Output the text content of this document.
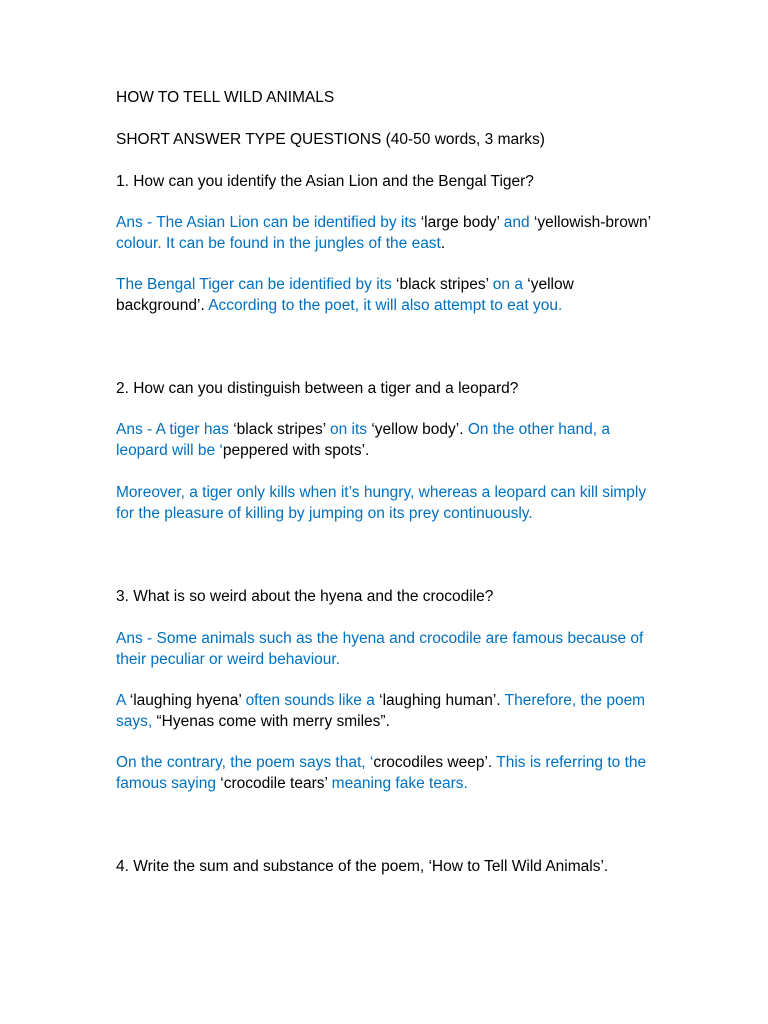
HOW TO TELL WILD ANIMALS

SHORT ANSWER TYPE QUESTIONS (40-50 words, 3 marks)

1. How can you identify the Asian Lion and the Bengal Tiger?

Ans - The Asian Lion can be identified by its ‘large body’ and ‘yellowish-brown’ colour. It can be found in the jungles of the east.

The Bengal Tiger can be identified by its ‘black stripes’ on a ‘yellow background’. According to the poet, it will also attempt to eat you.

2. How can you distinguish between a tiger and a leopard?

Ans - A tiger has ‘black stripes’ on its ‘yellow body’. On the other hand, a leopard will be ‘peppered with spots’.

Moreover, a tiger only kills when it’s hungry, whereas a leopard can kill simply for the pleasure of killing by jumping on its prey continuously.

3. What is so weird about the hyena and the crocodile?

Ans - Some animals such as the hyena and crocodile are famous because of their peculiar or weird behaviour.

A ‘laughing hyena’ often sounds like a ‘laughing human’. Therefore, the poem says, “Hyenas come with merry smiles”.

On the contrary, the poem says that, ‘crocodiles weep’. This is referring to the famous saying ‘crocodile tears’ meaning fake tears.

4. Write the sum and substance of the poem, ‘How to Tell Wild Animals’.
